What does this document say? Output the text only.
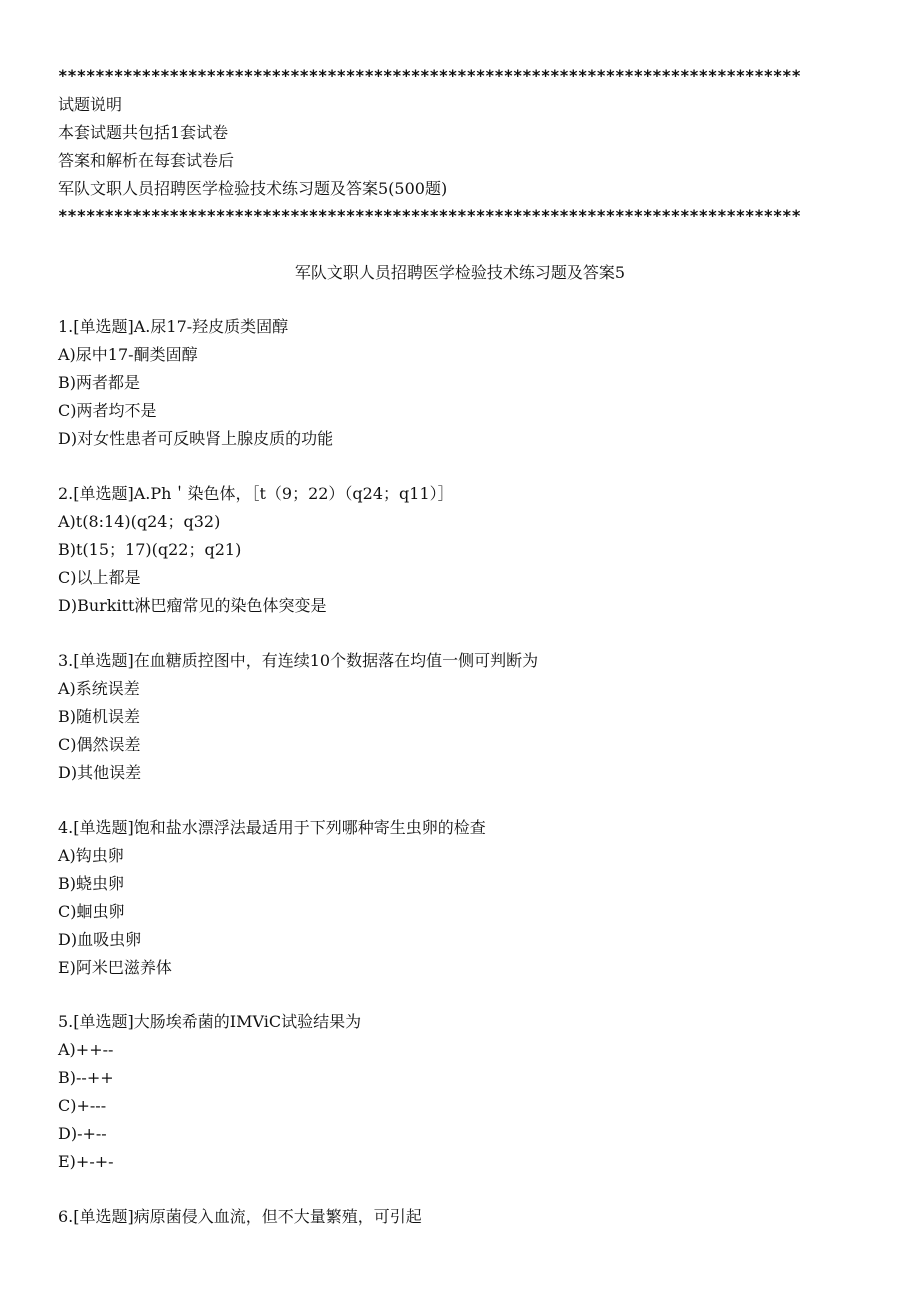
********************************************************************************
试题说明
本套试题共包括1套试卷
答案和解析在每套试卷后
军队文职人员招聘医学检验技术练习题及答案5(500题)
********************************************************************************
军队文职人员招聘医学检验技术练习题及答案5
1.[单选题]A.尿17-羟皮质类固醇
A)尿中17-酮类固醇
B)两者都是
C)两者均不是
D)对女性患者可反映肾上腺皮质的功能
2.[单选题]A.Ph＇染色体，［t（9；22）（q24；q11）］
A)t(8:14)(q24；q32)
B)t(15；17)(q22；q21)
C)以上都是
D)Burkitt淋巴瘤常见的染色体突变是
3.[单选题]在血糖质控图中，有连续10个数据落在均值一侧可判断为
A)系统误差
B)随机误差
C)偶然误差
D)其他误差
4.[单选题]饱和盐水漂浮法最适用于下列哪种寄生虫卵的检查
A)钩虫卵
B)蛲虫卵
C)蛔虫卵
D)血吸虫卵
E)阿米巴滋养体
5.[单选题]大肠埃希菌的IMViC试验结果为
A)++--
B)--++
C)+---
D)-+--
E)+-+-
6.[单选题]病原菌侵入血流，但不大量繁殖，可引起
